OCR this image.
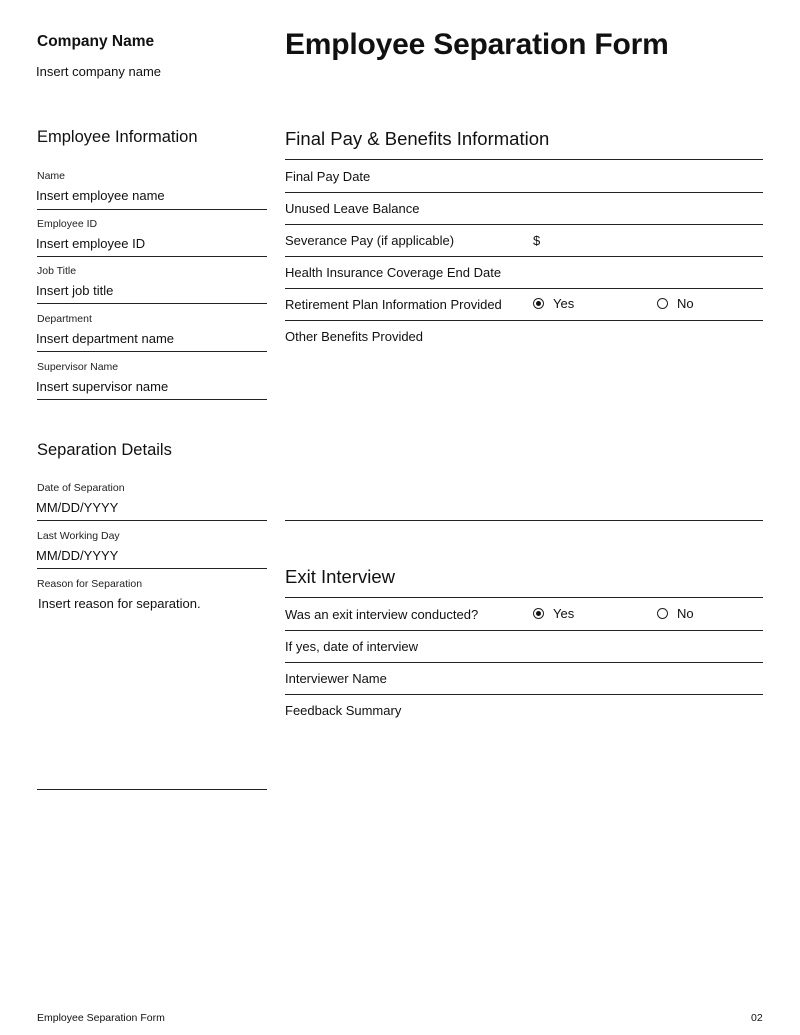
Company Name
Insert company name
Employee Separation Form
Employee Information
Name
Insert employee name
Employee ID
Insert employee ID
Job Title
Insert job title
Department
Insert department name
Supervisor Name
Insert supervisor name
Separation Details
Date of Separation
MM/DD/YYYY
Last Working Day
MM/DD/YYYY
Reason for Separation
Insert reason for separation.
Final Pay & Benefits Information
Final Pay Date
Unused Leave Balance
Severance Pay (if applicable)	$
Health Insurance Coverage End Date
Retirement Plan Information Provided	Yes	No
Other Benefits Provided
Exit Interview
Was an exit interview conducted?	Yes	No
If yes, date of interview
Interviewer Name
Feedback Summary
Employee Separation Form	02
